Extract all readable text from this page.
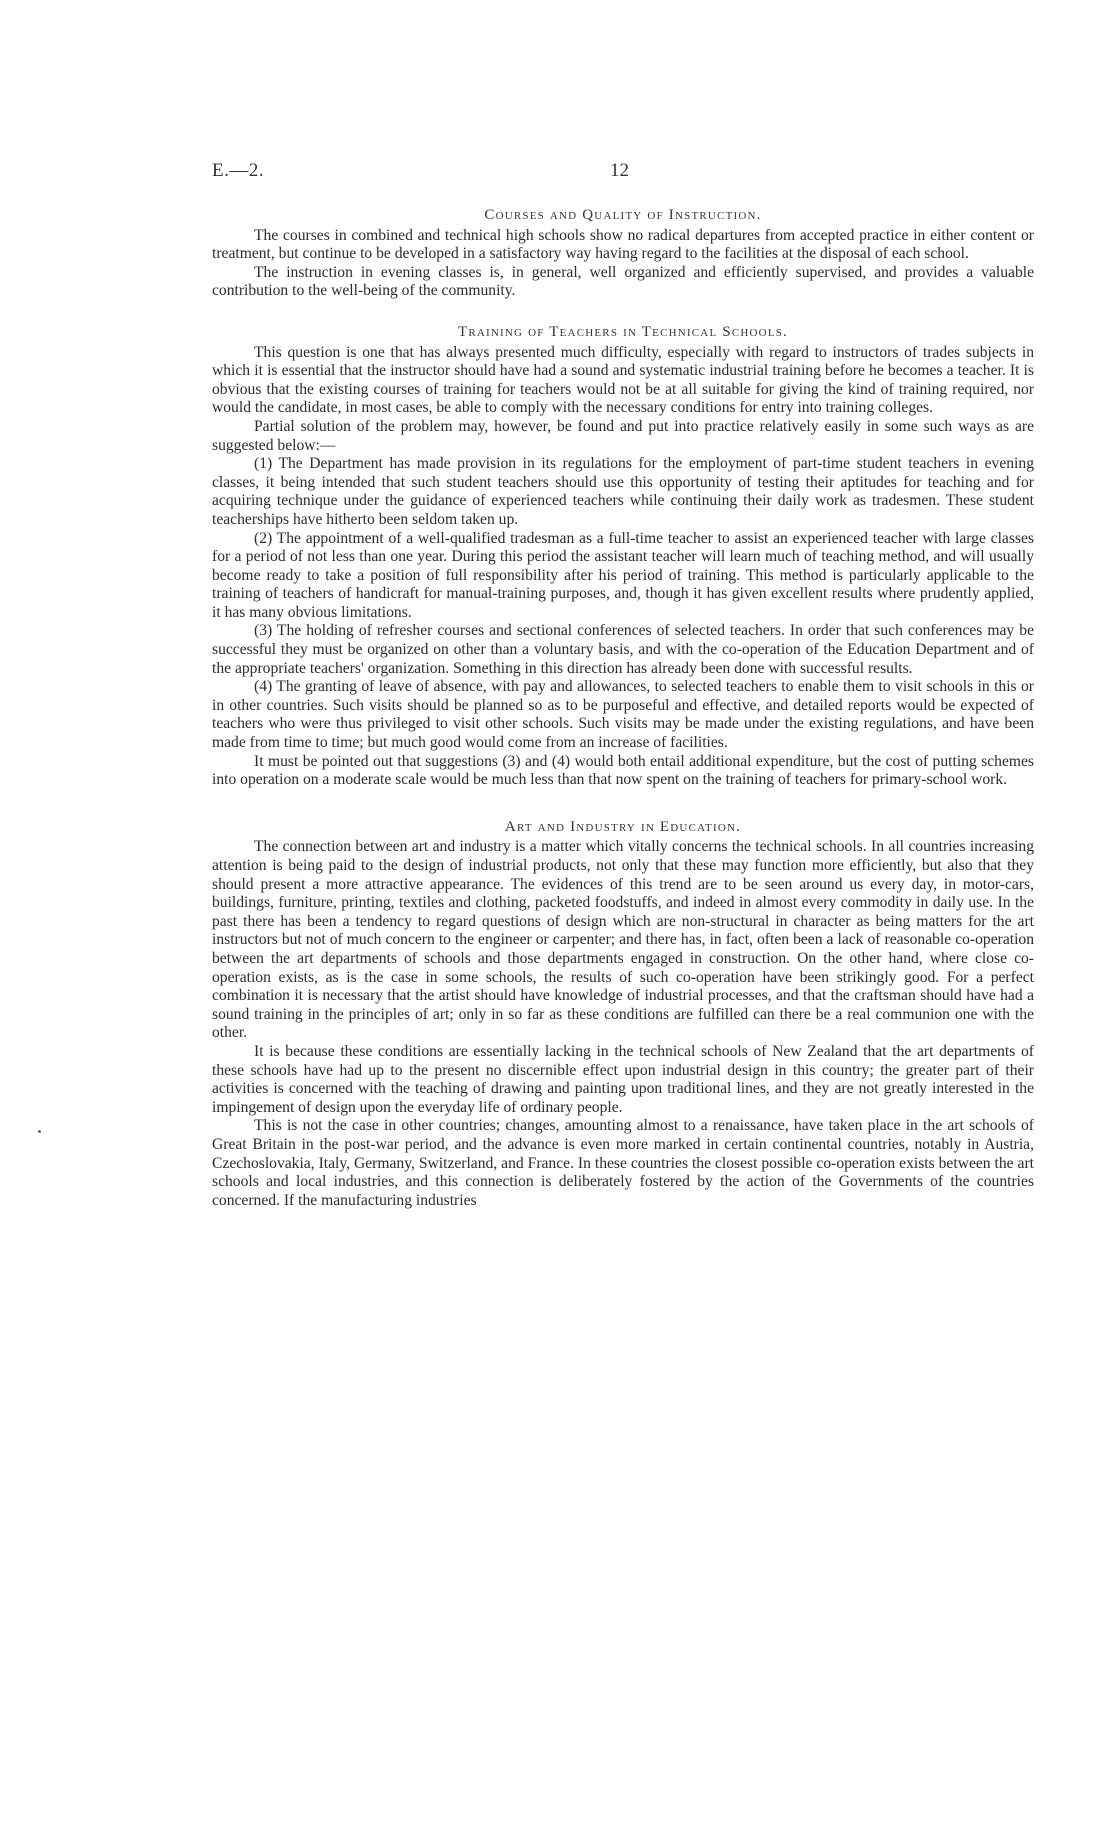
E.—2.	12
Courses and Quality of Instruction.

The courses in combined and technical high schools show no radical departures from accepted practice in either content or treatment, but continue to be developed in a satisfactory way having regard to the facilities at the disposal of each school.

The instruction in evening classes is, in general, well organized and efficiently supervised, and provides a valuable contribution to the well-being of the community.

Training of Teachers in Technical Schools.

This question is one that has always presented much difficulty, especially with regard to instructors of trades subjects in which it is essential that the instructor should have had a sound and systematic industrial training before he becomes a teacher. It is obvious that the existing courses of training for teachers would not be at all suitable for giving the kind of training required, nor would the candidate, in most cases, be able to comply with the necessary conditions for entry into training colleges.

Partial solution of the problem may, however, be found and put into practice relatively easily in some such ways as are suggested below:—

(1) The Department has made provision in its regulations for the employment of part-time student teachers in evening classes, it being intended that such student teachers should use this opportunity of testing their aptitudes for teaching and for acquiring technique under the guidance of experienced teachers while continuing their daily work as tradesmen. These student teacherships have hitherto been seldom taken up.

(2) The appointment of a well-qualified tradesman as a full-time teacher to assist an experienced teacher with large classes for a period of not less than one year. During this period the assistant teacher will learn much of teaching method, and will usually become ready to take a position of full responsibility after his period of training. This method is particularly applicable to the training of teachers of handicraft for manual-training purposes, and, though it has given excellent results where prudently applied, it has many obvious limitations.

(3) The holding of refresher courses and sectional conferences of selected teachers. In order that such conferences may be successful they must be organized on other than a voluntary basis, and with the co-operation of the Education Department and of the appropriate teachers' organization. Something in this direction has already been done with successful results.

(4) The granting of leave of absence, with pay and allowances, to selected teachers to enable them to visit schools in this or in other countries. Such visits should be planned so as to be purposeful and effective, and detailed reports would be expected of teachers who were thus privileged to visit other schools. Such visits may be made under the existing regulations, and have been made from time to time; but much good would come from an increase of facilities.

It must be pointed out that suggestions (3) and (4) would both entail additional expenditure, but the cost of putting schemes into operation on a moderate scale would be much less than that now spent on the training of teachers for primary-school work.

Art and Industry in Education.

The connection between art and industry is a matter which vitally concerns the technical schools. In all countries increasing attention is being paid to the design of industrial products, not only that these may function more efficiently, but also that they should present a more attractive appearance. The evidences of this trend are to be seen around us every day, in motor-cars, buildings, furniture, printing, textiles and clothing, packeted foodstuffs, and indeed in almost every commodity in daily use. In the past there has been a tendency to regard questions of design which are non-structural in character as being matters for the art instructors but not of much concern to the engineer or carpenter; and there has, in fact, often been a lack of reasonable co-operation between the art departments of schools and those departments engaged in construction. On the other hand, where close co-operation exists, as is the case in some schools, the results of such co-operation have been strikingly good. For a perfect combination it is necessary that the artist should have knowledge of industrial processes, and that the craftsman should have had a sound training in the principles of art; only in so far as these conditions are fulfilled can there be a real communion one with the other.

It is because these conditions are essentially lacking in the technical schools of New Zealand that the art departments of these schools have had up to the present no discernible effect upon industrial design in this country; the greater part of their activities is concerned with the teaching of drawing and painting upon traditional lines, and they are not greatly interested in the impingement of design upon the everyday life of ordinary people.

This is not the case in other countries; changes, amounting almost to a renaissance, have taken place in the art schools of Great Britain in the post-war period, and the advance is even more marked in certain continental countries, notably in Austria, Czechoslovakia, Italy, Germany, Switzerland, and France. In these countries the closest possible co-operation exists between the art schools and local industries, and this connection is deliberately fostered by the action of the Governments of the countries concerned. If the manufacturing industries
